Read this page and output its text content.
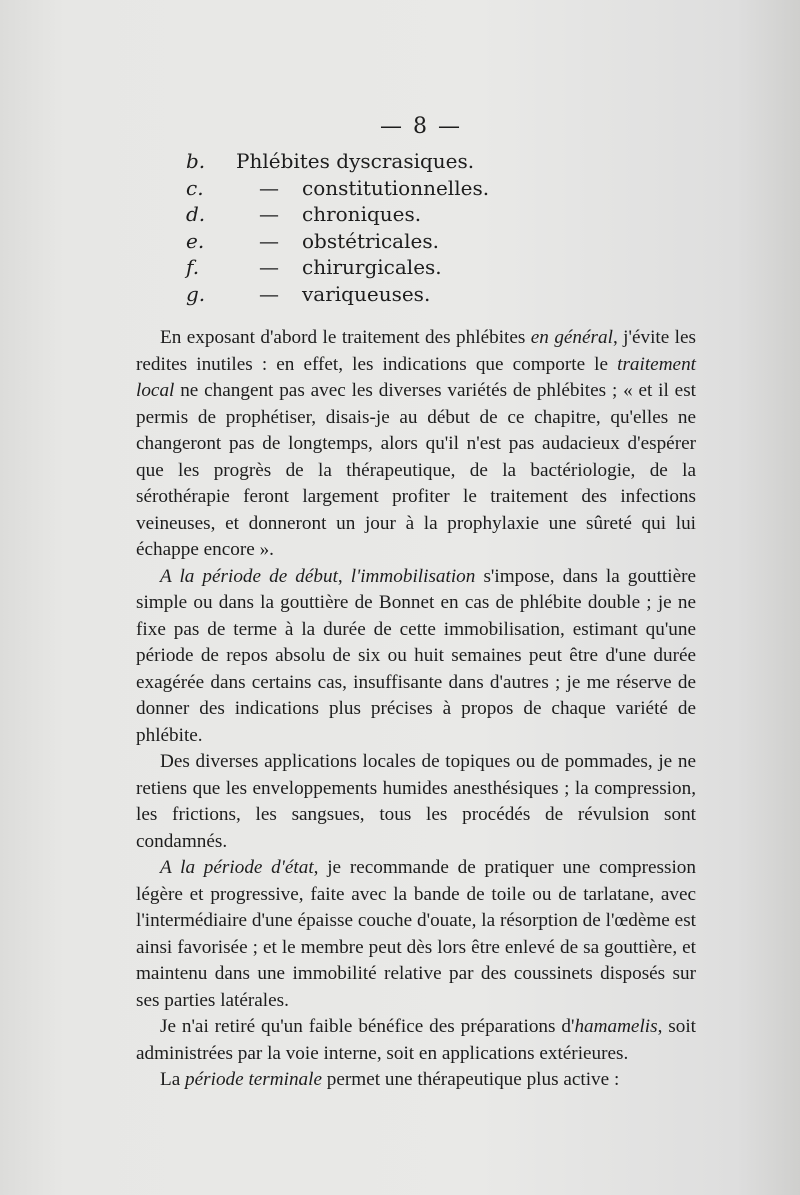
— 8 —
b.	Phlébites dyscrasiques.
c.	—	constitutionnelles.
d.	—	chroniques.
e.	—	obstétricales.
f.	—	chirurgicales.
g.	—	variqueuses.

En exposant d'abord le traitement des phlébites en général, j'évite les redites inutiles : en effet, les indications que comporte le traitement local ne changent pas avec les diverses variétés de phlébites ; « et il est permis de prophétiser, disais-je au début de ce chapitre, qu'elles ne changeront pas de longtemps, alors qu'il n'est pas audacieux d'espérer que les progrès de la thérapeutique, de la bactériologie, de la sérothérapie feront largement profiter le traitement des infections veineuses, et donneront un jour à la prophylaxie une sûreté qui lui échappe encore ».

A la période de début, l'immobilisation s'impose, dans la gouttière simple ou dans la gouttière de Bonnet en cas de phlébite double ; je ne fixe pas de terme à la durée de cette immobilisation, estimant qu'une période de repos absolu de six ou huit semaines peut être d'une durée exagérée dans certains cas, insuffisante dans d'autres ; je me réserve de donner des indications plus précises à propos de chaque variété de phlébite.

Des diverses applications locales de topiques ou de pommades, je ne retiens que les enveloppements humides anesthésiques ; la compression, les frictions, les sangsues, tous les procédés de révulsion sont condamnés.

A la période d'état, je recommande de pratiquer une compression légère et progressive, faite avec la bande de toile ou de tarlatane, avec l'intermédiaire d'une épaisse couche d'ouate, la résorption de l'œdème est ainsi favorisée ; et le membre peut dès lors être enlevé de sa gouttière, et maintenu dans une immobilité relative par des coussinets disposés sur ses parties latérales.

Je n'ai retiré qu'un faible bénéfice des préparations d'hamamelis, soit administrées par la voie interne, soit en applications extérieures.

La période terminale permet une thérapeutique plus active :
